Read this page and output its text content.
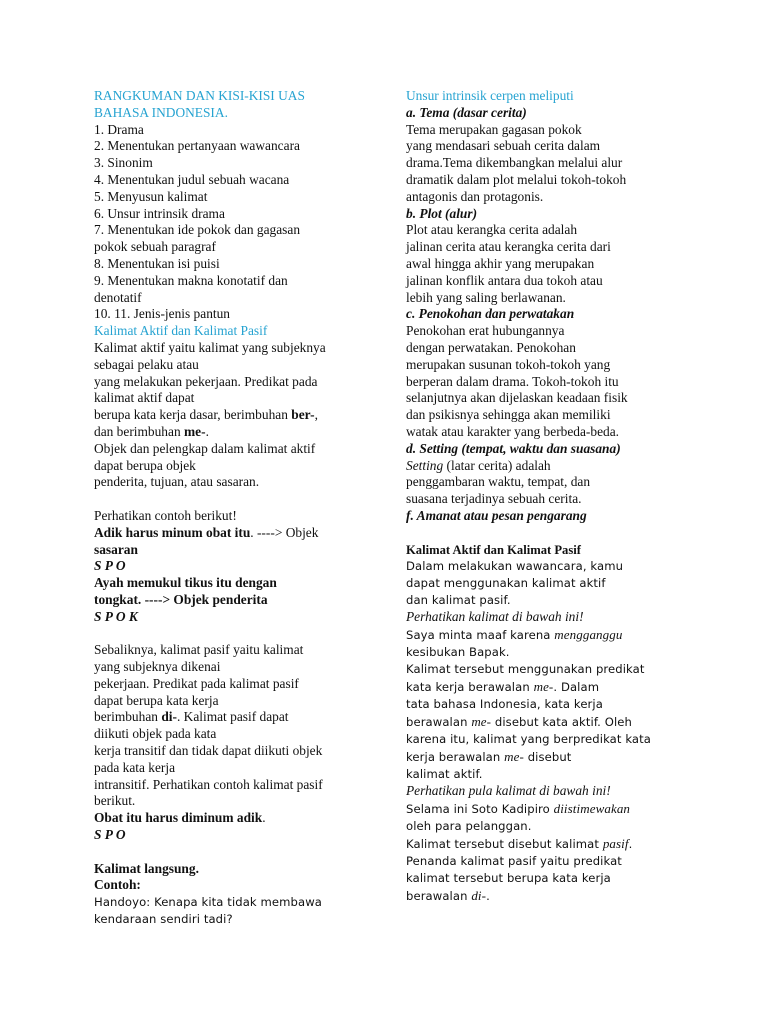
RANGKUMAN DAN KISI-KISI UAS
BAHASA INDONESIA.
1. Drama
2. Menentukan pertanyaan wawancara
3. Sinonim
4. Menentukan judul sebuah wacana
5. Menyusun kalimat
6. Unsur intrinsik drama
7. Menentukan ide pokok dan gagasan
pokok sebuah paragraf
8. Menentukan isi puisi
9. Menentukan makna konotatif dan
denotatif
10. 11. Jenis-jenis pantun
Kalimat Aktif dan Kalimat Pasif
Kalimat aktif yaitu kalimat yang subjeknya
sebagai pelaku atau
yang melakukan pekerjaan. Predikat pada
kalimat aktif dapat
berupa kata kerja dasar, berimbuhan ber-,
dan berimbuhan me-.
Objek dan pelengkap dalam kalimat aktif
dapat berupa objek
penderita, tujuan, atau sasaran.
Perhatikan contoh berikut!
Adik harus minum obat itu. ----> Objek
sasaran
S P O
Ayah memukul tikus itu dengan
tongkat. ----> Objek penderita
S P O K
Sebaliknya, kalimat pasif yaitu kalimat
yang subjeknya dikenai
pekerjaan. Predikat pada kalimat pasif
dapat berupa kata kerja
berimbuhan di-. Kalimat pasif dapat
diikuti objek pada kata
kerja transitif dan tidak dapat diikuti objek
pada kata kerja
intransitif. Perhatikan contoh kalimat pasif
berikut.
Obat itu harus diminum adik.
S P O
Kalimat langsung.
Contoh:
Handoyo: Kenapa kita tidak membawa
kendaraan sendiri tadi?
Unsur intrinsik cerpen meliputi
a. Tema (dasar cerita)
Tema merupakan gagasan pokok
yang mendasari sebuah cerita dalam
drama.Tema dikembangkan melalui alur
dramatik dalam plot melalui tokoh-tokoh
antagonis dan protagonis.
b. Plot (alur)
Plot atau kerangka cerita adalah
jalinan cerita atau kerangka cerita dari
awal hingga akhir yang merupakan
jalinan konflik antara dua tokoh atau
lebih yang saling berlawanan.
c. Penokohan dan perwatakan
Penokohan erat hubungannya
dengan perwatakan. Penokohan
merupakan susunan tokoh-tokoh yang
berperan dalam drama. Tokoh-tokoh itu
selanjutnya akan dijelaskan keadaan fisik
dan psikisnya sehingga akan memiliki
watak atau karakter yang berbeda-beda.
d. Setting (tempat, waktu dan suasana)
Setting (latar cerita) adalah
penggambaran waktu, tempat, dan
suasana terjadinya sebuah cerita.
f. Amanat atau pesan pengarang
Kalimat Aktif dan Kalimat Pasif
Dalam melakukan wawancara, kamu
dapat menggunakan kalimat aktif
dan kalimat pasif.
Perhatikan kalimat di bawah ini!
Saya minta maaf karena mengganggu
kesibukan Bapak.
Kalimat tersebut menggunakan predikat
kata kerja berawalan me-. Dalam
tata bahasa Indonesia, kata kerja
berawalan me- disebut kata aktif. Oleh
karena itu, kalimat yang berpredikat kata
kerja berawalan me- disebut
kalimat aktif.
Perhatikan pula kalimat di bawah ini!
Selama ini Soto Kadipiro diistimewakan
oleh para pelanggan.
Kalimat tersebut disebut kalimat pasif.
Penanda kalimat pasif yaitu predikat
kalimat tersebut berupa kata kerja
berawalan di-.
